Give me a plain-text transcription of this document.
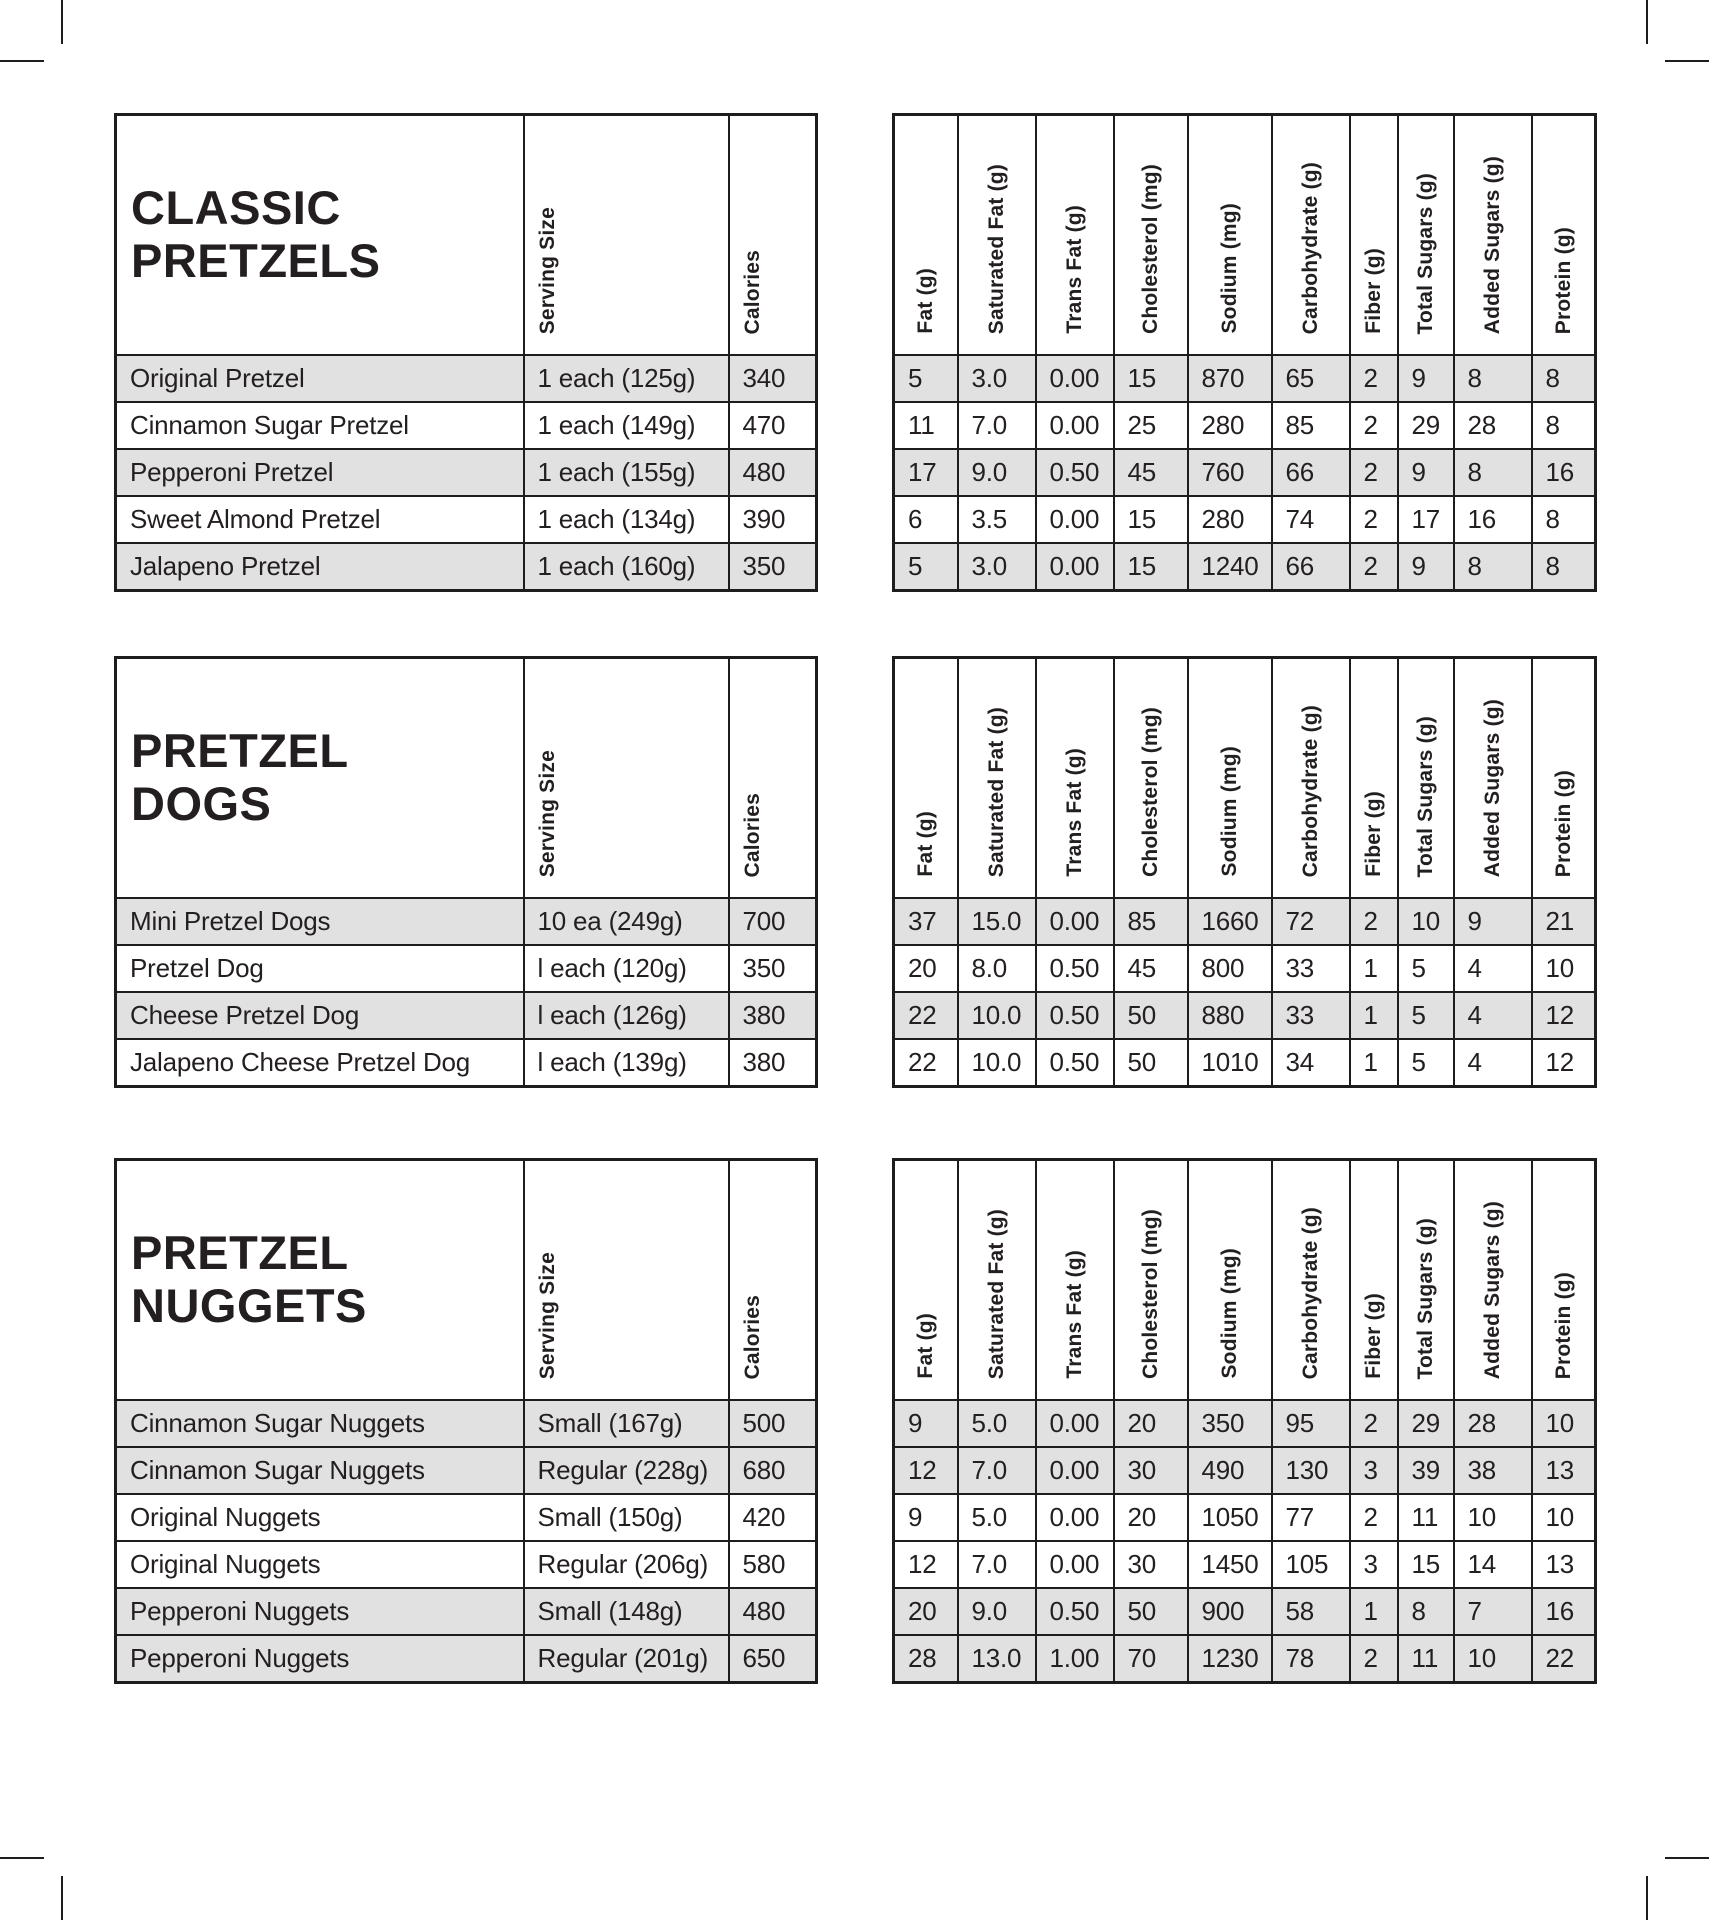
CLASSIC
PRETZELS	Serving Size	Calories
Original Pretzel	1 each (125g)	340
Cinnamon Sugar Pretzel	1 each (149g)	470
Pepperoni Pretzel	1 each (155g)	480
Sweet Almond Pretzel	1 each (134g)	390
Jalapeno Pretzel	1 each (160g)	350
Fat (g)	Saturated Fat (g)	Trans Fat (g)	Cholesterol (mg)	Sodium (mg)	Carbohydrate (g)	Fiber (g)	Total Sugars (g)	Added Sugars (g)	Protein (g)
5	3.0	0.00	15	870	65	2	9	8	8
11	7.0	0.00	25	280	85	2	29	28	8
17	9.0	0.50	45	760	66	2	9	8	16
6	3.5	0.00	15	280	74	2	17	16	8
5	3.0	0.00	15	1240	66	2	9	8	8
PRETZEL
DOGS	Serving Size	Calories
Mini Pretzel Dogs	10 ea (249g)	700
Pretzel Dog	l each (120g)	350
Cheese Pretzel Dog	l each (126g)	380
Jalapeno Cheese Pretzel Dog	l each (139g)	380
Fat (g)	Saturated Fat (g)	Trans Fat (g)	Cholesterol (mg)	Sodium (mg)	Carbohydrate (g)	Fiber (g)	Total Sugars (g)	Added Sugars (g)	Protein (g)
37	15.0	0.00	85	1660	72	2	10	9	21
20	8.0	0.50	45	800	33	1	5	4	10
22	10.0	0.50	50	880	33	1	5	4	12
22	10.0	0.50	50	1010	34	1	5	4	12
PRETZEL
NUGGETS	Serving Size	Calories
Cinnamon Sugar Nuggets	Small (167g)	500
Cinnamon Sugar Nuggets	Regular (228g)	680
Original Nuggets	Small (150g)	420
Original Nuggets	Regular (206g)	580
Pepperoni Nuggets	Small (148g)	480
Pepperoni Nuggets	Regular (201g)	650
Fat (g)	Saturated Fat (g)	Trans Fat (g)	Cholesterol (mg)	Sodium (mg)	Carbohydrate (g)	Fiber (g)	Total Sugars (g)	Added Sugars (g)	Protein (g)
9	5.0	0.00	20	350	95	2	29	28	10
12	7.0	0.00	30	490	130	3	39	38	13
9	5.0	0.00	20	1050	77	2	11	10	10
12	7.0	0.00	30	1450	105	3	15	14	13
20	9.0	0.50	50	900	58	1	8	7	16
28	13.0	1.00	70	1230	78	2	11	10	22
